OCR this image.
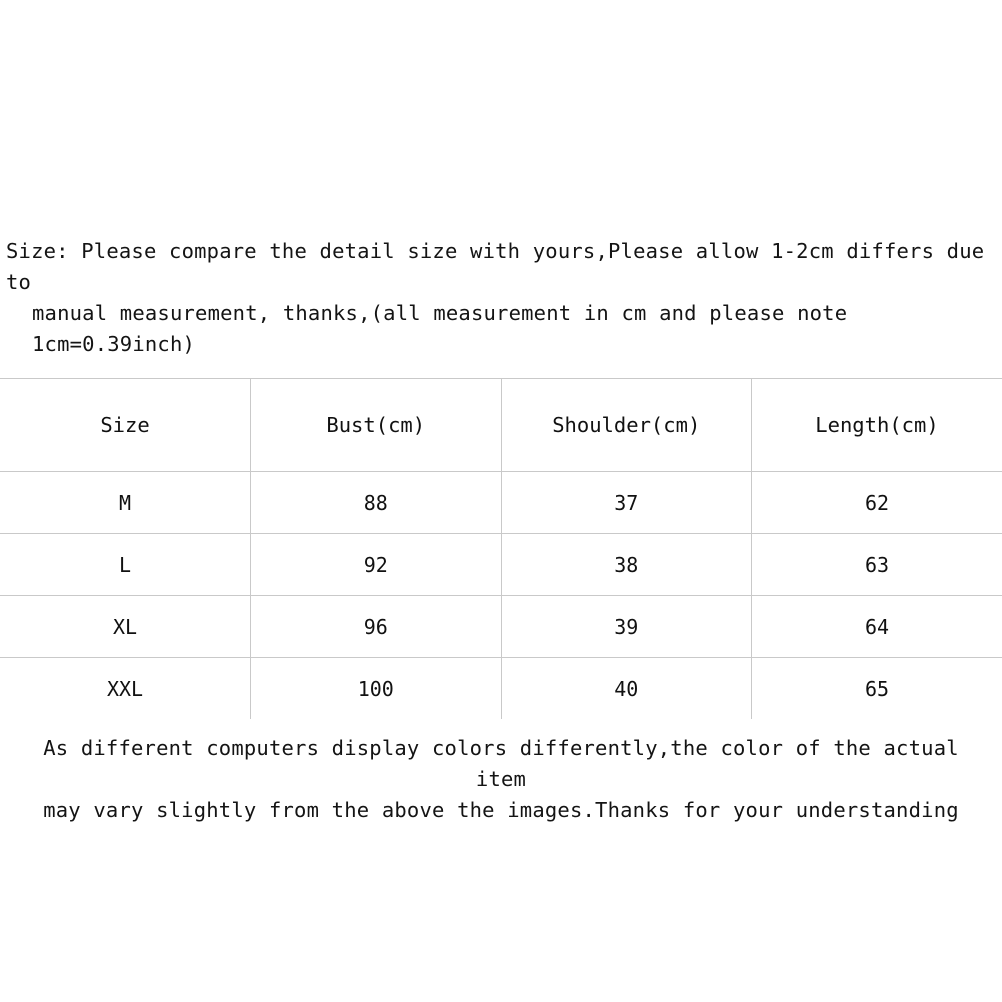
Size: Please compare the detail size with yours,Please allow 1-2cm differs due to
manual measurement, thanks,(all measurement in cm and please note 1cm=0.39inch)
Size	Bust(cm)	Shoulder(cm)	Length(cm)
M	88	37	62
L	92	38	63
XL	96	39	64
XXL	100	40	65
As different computers display colors differently,the color of the actual item
may vary slightly from the above the images.Thanks for your understanding
